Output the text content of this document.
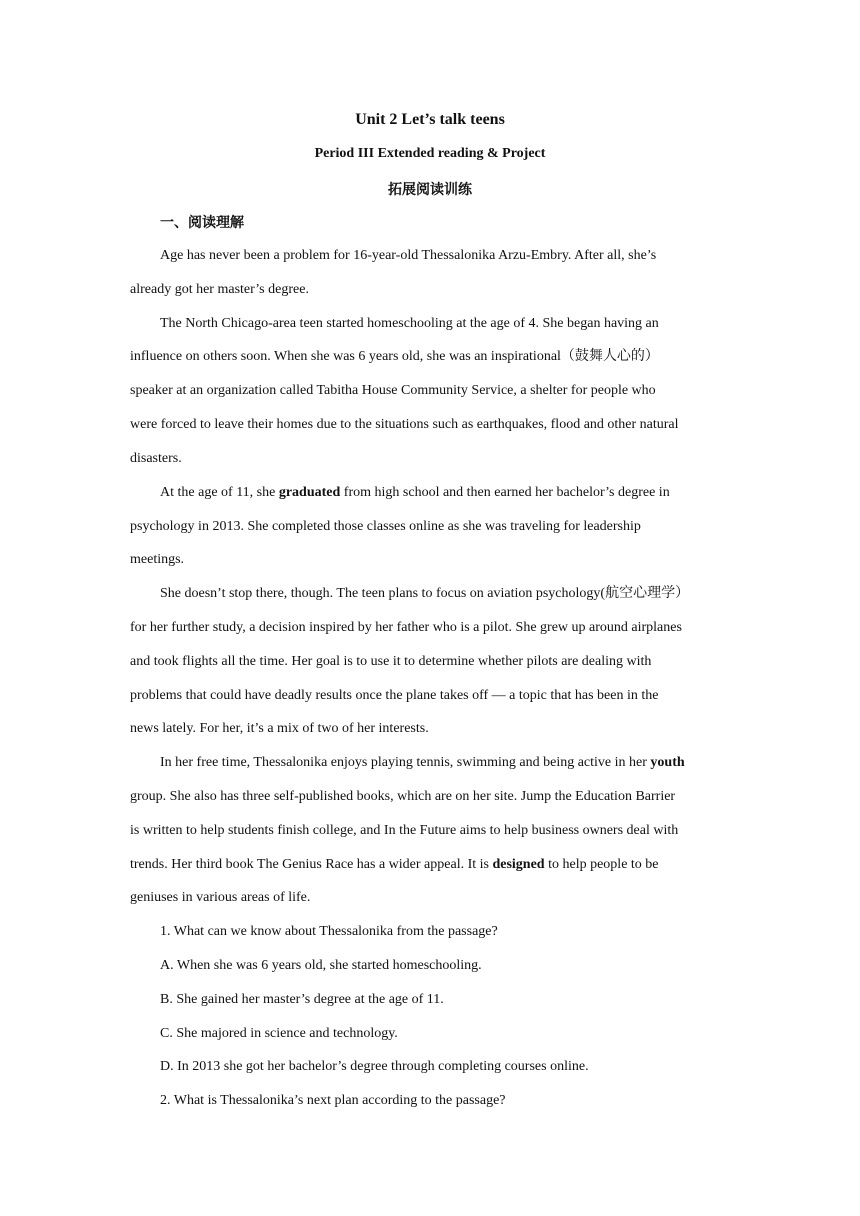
Unit 2 Let’s talk teens
Period III Extended reading & Project
拓展阅读训练
一、阅读理解
Age has never been a problem for 16-year-old Thessalonika Arzu-Embry. After all, she’s
already got her master’s degree.
The North Chicago-area teen started homeschooling at the age of 4. She began having an
influence on others soon. When she was 6 years old, she was an inspirational（鼓舞人心的）
speaker at an organization called Tabitha House Community Service, a shelter for people who
were forced to leave their homes due to the situations such as earthquakes, flood and other natural
disasters.
At the age of 11, she graduated from high school and then earned her bachelor’s degree in
psychology in 2013. She completed those classes online as she was traveling for leadership
meetings.
She doesn’t stop there, though. The teen plans to focus on aviation psychology(航空心理学）
for her further study, a decision inspired by her father who is a pilot. She grew up around airplanes
and took flights all the time. Her goal is to use it to determine whether pilots are dealing with
problems that could have deadly results once the plane takes off — a topic that has been in the
news lately. For her, it’s a mix of two of her interests.
In her free time, Thessalonika enjoys playing tennis, swimming and being active in her youth
group. She also has three self-published books, which are on her site. Jump the Education Barrier
is written to help students finish college, and In the Future aims to help business owners deal with
trends. Her third book The Genius Race has a wider appeal. It is designed to help people to be
geniuses in various areas of life.
1. What can we know about Thessalonika from the passage?
A. When she was 6 years old, she started homeschooling.
B. She gained her master’s degree at the age of 11.
C. She majored in science and technology.
D. In 2013 she got her bachelor’s degree through completing courses online.
2. What is Thessalonika’s next plan according to the passage?
